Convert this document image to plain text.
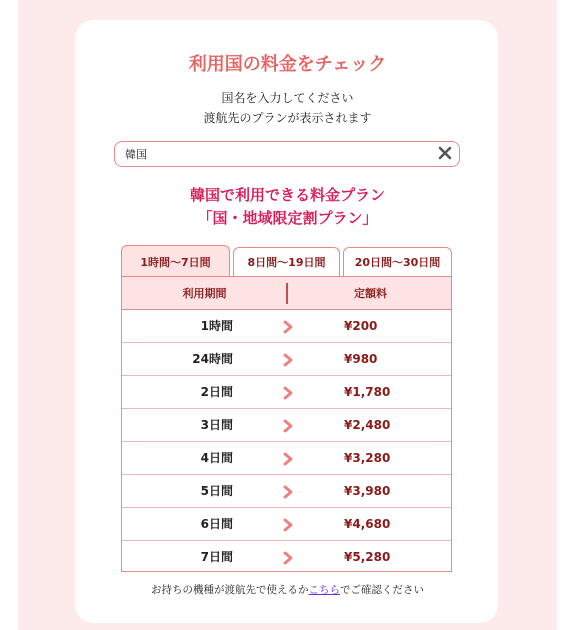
利用国の料金をチェック
国名を入力してください
渡航先のプランが表示されます
韓国
韓国で利用できる料金プラン
「国・地域限定割プラン」
1時間〜7日間	8日間〜19日間	20日間〜30日間
利用期間	定額料
1時間	¥200
24時間	¥980
2日間	¥1,780
3日間	¥2,480
4日間	¥3,280
5日間	¥3,980
6日間	¥4,680
7日間	¥5,280
お持ちの機種が渡航先で使えるかこちらでご確認ください
